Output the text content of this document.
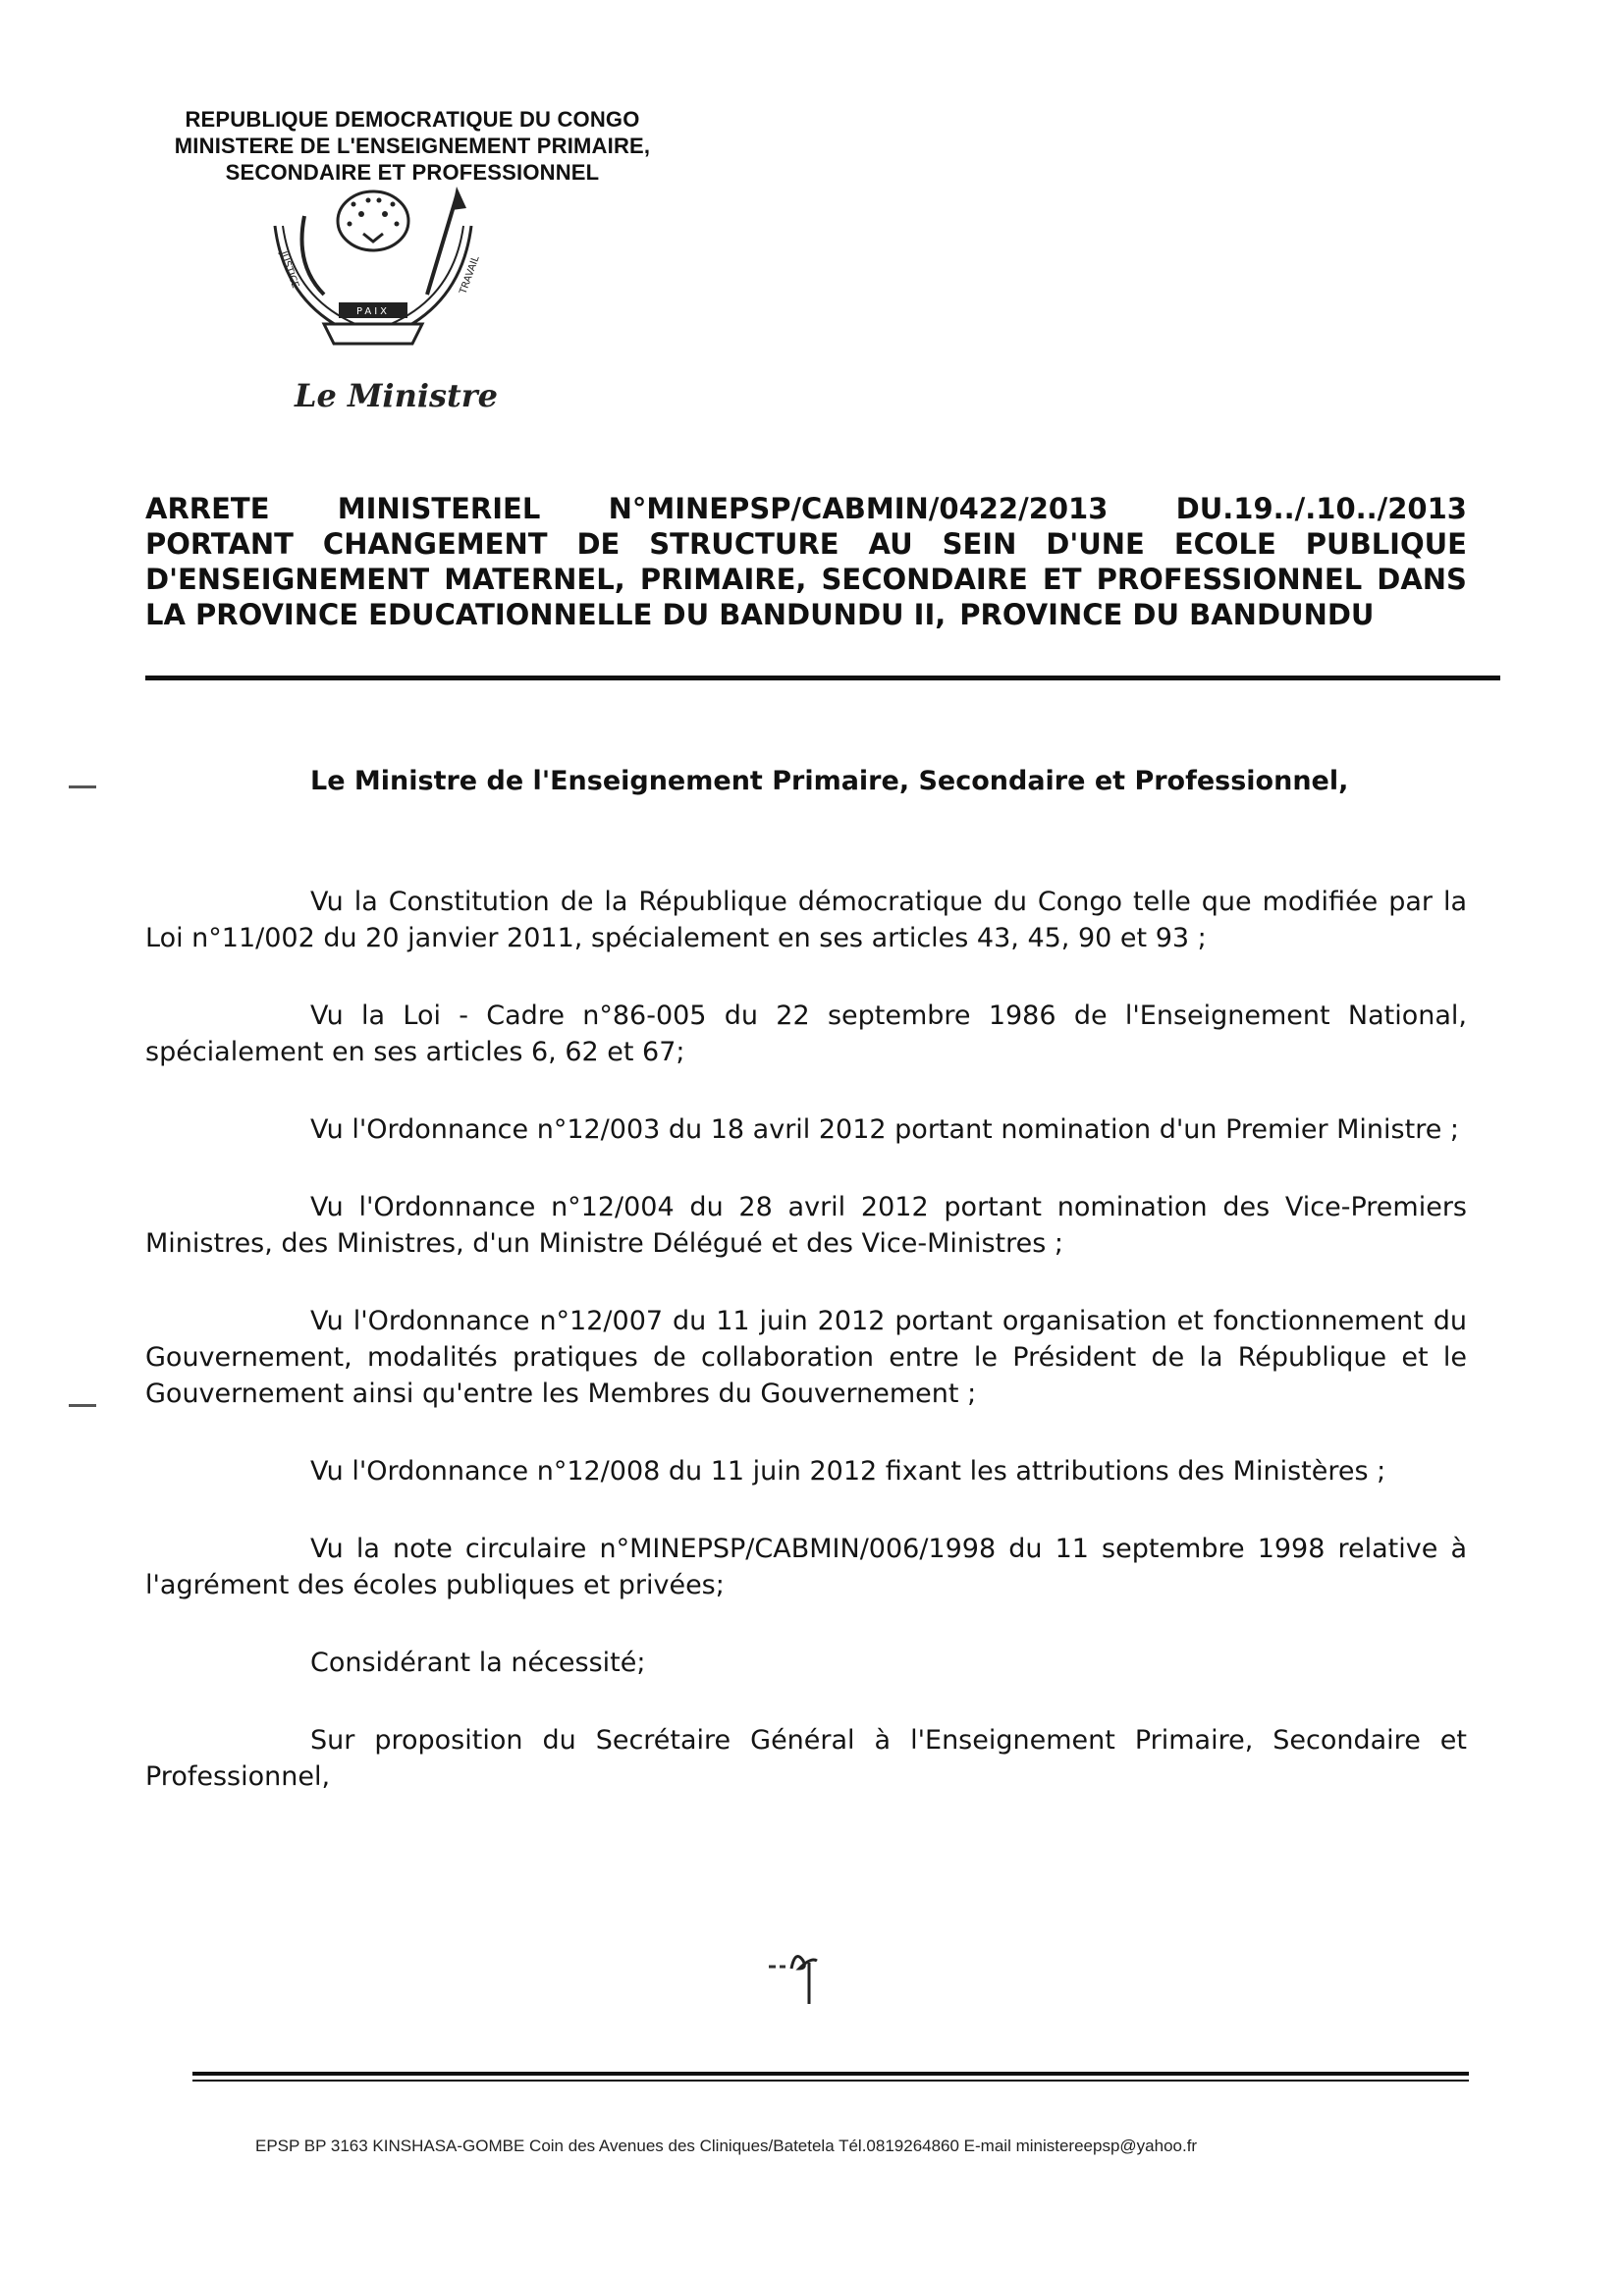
REPUBLIQUE DEMOCRATIQUE DU CONGO
MINISTERE DE L'ENSEIGNEMENT PRIMAIRE,
SECONDAIRE ET PROFESSIONNEL
PAIX
JUSTICE	TRAVAIL
Le Ministre
ARRETE MINISTERIEL N°MINEPSP/CABMIN/0422/2013 DU.19../.10../2013
PORTANT CHANGEMENT DE STRUCTURE AU SEIN D'UNE ECOLE PUBLIQUE
D'ENSEIGNEMENT MATERNEL, PRIMAIRE, SECONDAIRE ET PROFESSIONNEL DANS
LA PROVINCE EDUCATIONNELLE DU BANDUNDU II, PROVINCE DU BANDUNDU
Le Ministre de l'Enseignement Primaire, Secondaire et Professionnel,

Vu la Constitution de la République démocratique du Congo telle que modifiée par la Loi n°11/002 du 20 janvier 2011, spécialement en ses articles 43, 45, 90 et 93 ;

Vu la Loi - Cadre n°86-005 du 22 septembre 1986 de l'Enseignement National, spécialement en ses articles 6, 62 et 67;

Vu l'Ordonnance n°12/003 du 18 avril 2012 portant nomination d'un Premier Ministre ;

Vu l'Ordonnance n°12/004 du 28 avril 2012 portant nomination des Vice-Premiers Ministres, des Ministres, d'un Ministre Délégué et des Vice-Ministres ;

Vu l'Ordonnance n°12/007 du 11 juin 2012 portant organisation et fonctionnement du Gouvernement, modalités pratiques de collaboration entre le Président de la République et le Gouvernement ainsi qu'entre les Membres du Gouvernement ;

Vu l'Ordonnance n°12/008 du 11 juin 2012 fixant les attributions des Ministères ;

Vu la note circulaire n°MINEPSP/CABMIN/006/1998 du 11 septembre 1998 relative à l'agrément des écoles publiques et privées;

Considérant la nécessité;

Sur proposition du Secrétaire Général à l'Enseignement Primaire, Secondaire et Professionnel,

EPSP BP 3163 KINSHASA-GOMBE Coin des Avenues des Cliniques/Batetela Tél.0819264860 E-mail ministereepsp@yahoo.fr
